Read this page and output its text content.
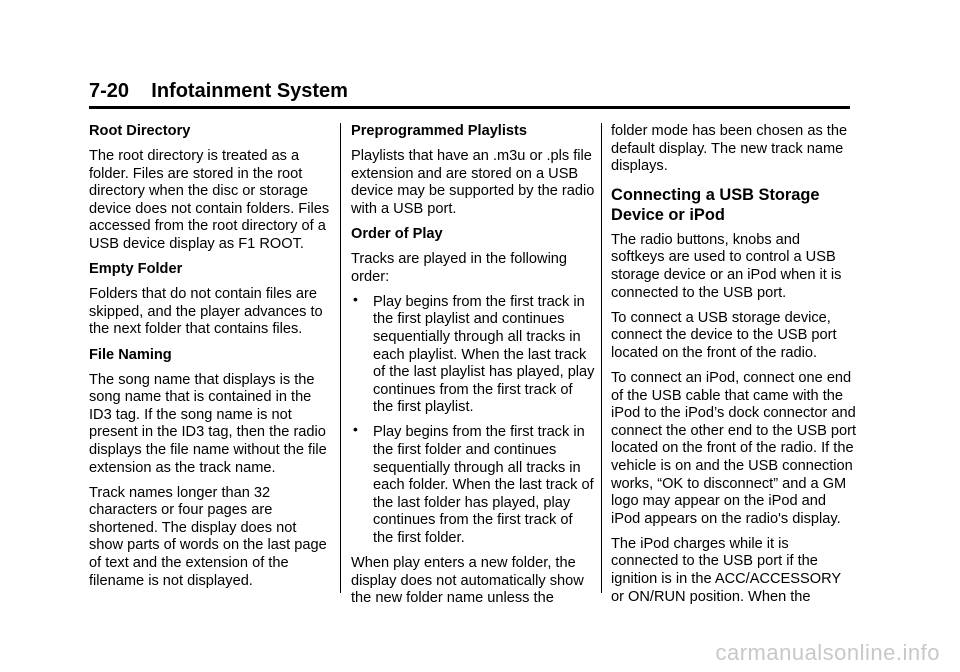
7-20 Infotainment System

Root Directory

The root directory is treated as a folder. Files are stored in the root directory when the disc or storage device does not contain folders. Files accessed from the root directory of a USB device display as F1 ROOT.

Empty Folder

Folders that do not contain files are skipped, and the player advances to the next folder that contains files.

File Naming

The song name that displays is the song name that is contained in the ID3 tag. If the song name is not present in the ID3 tag, then the radio displays the file name without the file extension as the track name.

Track names longer than 32 characters or four pages are shortened. The display does not show parts of words on the last page of text and the extension of the filename is not displayed.

Preprogrammed Playlists

Playlists that have an .m3u or .pls file extension and are stored on a USB device may be supported by the radio with a USB port.

Order of Play

Tracks are played in the following order:

• Play begins from the first track in the first playlist and continues sequentially through all tracks in each playlist. When the last track of the last playlist has played, play continues from the first track of the first playlist.
• Play begins from the first track in the first folder and continues sequentially through all tracks in each folder. When the last track of the last folder has played, play continues from the first track of the first folder.

When play enters a new folder, the display does not automatically show the new folder name unless the

folder mode has been chosen as the default display. The new track name displays.

Connecting a USB Storage Device or iPod

The radio buttons, knobs and softkeys are used to control a USB storage device or an iPod when it is connected to the USB port.

To connect a USB storage device, connect the device to the USB port located on the front of the radio.

To connect an iPod, connect one end of the USB cable that came with the iPod to the iPod’s dock connector and connect the other end to the USB port located on the front of the radio. If the vehicle is on and the USB connection works, “OK to disconnect” and a GM logo may appear on the iPod and iPod appears on the radio's display.

The iPod charges while it is connected to the USB port if the ignition is in the ACC/ACCESSORY or ON/RUN position. When the

carmanualsonline.info
